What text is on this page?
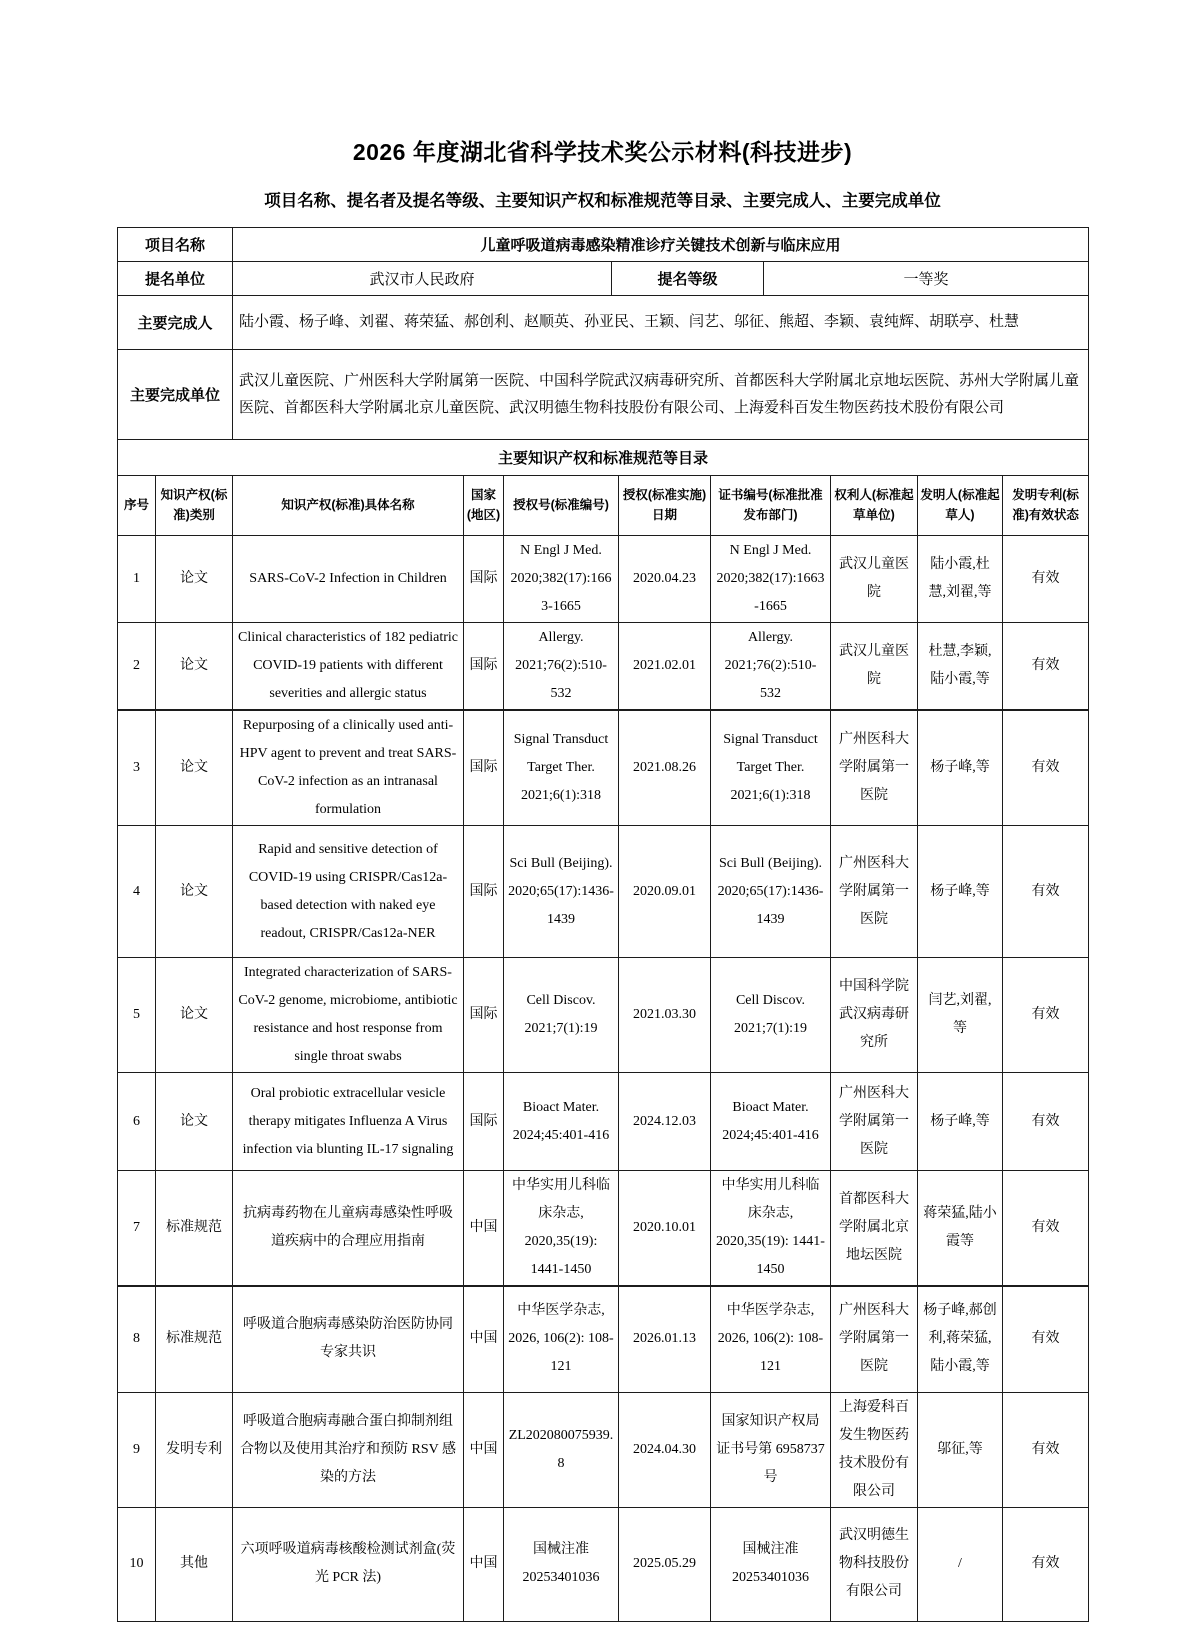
2026 年度湖北省科学技术奖公示材料(科技进步)
项目名称、提名者及提名等级、主要知识产权和标准规范等目录、主要完成人、主要完成单位
项目名称	儿童呼吸道病毒感染精准诊疗关键技术创新与临床应用		
提名单位	武汉市人民政府	提名等级	一等奖
主要完成人	陆小霞、杨子峰、刘翟、蒋荣猛、郝创利、赵顺英、孙亚民、王颖、闫艺、邬征、熊超、李颖、袁纯辉、胡联亭、杜慧		
主要完成单位	武汉儿童医院、广州医科大学附属第一医院、中国科学院武汉病毒研究所、首都医科大学附属北京地坛医院、苏州大学附属儿童医院、首都医科大学附属北京儿童医院、武汉明德生物科技股份有限公司、上海爱科百发生物医药技术股份有限公司		
主要知识产权和标准规范等目录									
序号	知识产权(标准)类别	知识产权(标准)具体名称	国家(地区)	授权号(标准编号)	授权(标准实施)日期	证书编号(标准批准发布部门)	权利人(标准起草单位)	发明人(标准起草人)	发明专利(标准)有效状态
1	论文	SARS-CoV-2 Infection in Children	国际	N Engl J Med. 2020;382(17):1663-1665	2020.04.23	N Engl J Med. 2020;382(17):1663-1665	武汉儿童医院	陆小霞,杜慧,刘翟,等	有效
2	论文	Clinical characteristics of 182 pediatric COVID-19 patients with different severities and allergic status	国际	Allergy. 2021;76(2):510-532	2021.02.01	Allergy. 2021;76(2):510-532	武汉儿童医院	杜慧,李颖,陆小霞,等	有效
3	论文	Repurposing of a clinically used anti-HPV agent to prevent and treat SARS-CoV-2 infection as an intranasal formulation	国际	Signal Transduct Target Ther. 2021;6(1):318	2021.08.26	Signal Transduct Target Ther. 2021;6(1):318	广州医科大学附属第一医院	杨子峰,等	有效
4	论文	Rapid and sensitive detection of COVID-19 using CRISPR/Cas12a-based detection with naked eye readout, CRISPR/Cas12a-NER	国际	Sci Bull (Beijing). 2020;65(17):1436-1439	2020.09.01	Sci Bull (Beijing). 2020;65(17):1436-1439	广州医科大学附属第一医院	杨子峰,等	有效
5	论文	Integrated characterization of SARS-CoV-2 genome, microbiome, antibiotic resistance and host response from single throat swabs	国际	Cell Discov. 2021;7(1):19	2021.03.30	Cell Discov. 2021;7(1):19	中国科学院武汉病毒研究所	闫艺,刘翟,等	有效
6	论文	Oral probiotic extracellular vesicle therapy mitigates Influenza A Virus infection via blunting IL-17 signaling	国际	Bioact Mater. 2024;45:401-416	2024.12.03	Bioact Mater. 2024;45:401-416	广州医科大学附属第一医院	杨子峰,等	有效
7	标准规范	抗病毒药物在儿童病毒感染性呼吸道疾病中的合理应用指南	中国	中华实用儿科临床杂志, 2020,35(19): 1441-1450	2020.10.01	中华实用儿科临床杂志, 2020,35(19): 1441-1450	首都医科大学附属北京地坛医院	蒋荣猛,陆小霞等	有效
8	标准规范	呼吸道合胞病毒感染防治医防协同专家共识	中国	中华医学杂志, 2026, 106(2): 108-121	2026.01.13	中华医学杂志, 2026, 106(2): 108-121	广州医科大学附属第一医院	杨子峰,郝创利,蒋荣猛,陆小霞,等	有效
9	发明专利	呼吸道合胞病毒融合蛋白抑制剂组合物以及使用其治疗和预防 RSV 感染的方法	中国	ZL202080075939.8	2024.04.30	国家知识产权局证书号第 6958737 号	上海爱科百发生物医药技术股份有限公司	邬征,等	有效
10	其他	六项呼吸道病毒核酸检测试剂盒(荧光 PCR 法)	中国	国械注准 20253401036	2025.05.29	国械注准 20253401036	武汉明德生物科技股份有限公司	/	有效
